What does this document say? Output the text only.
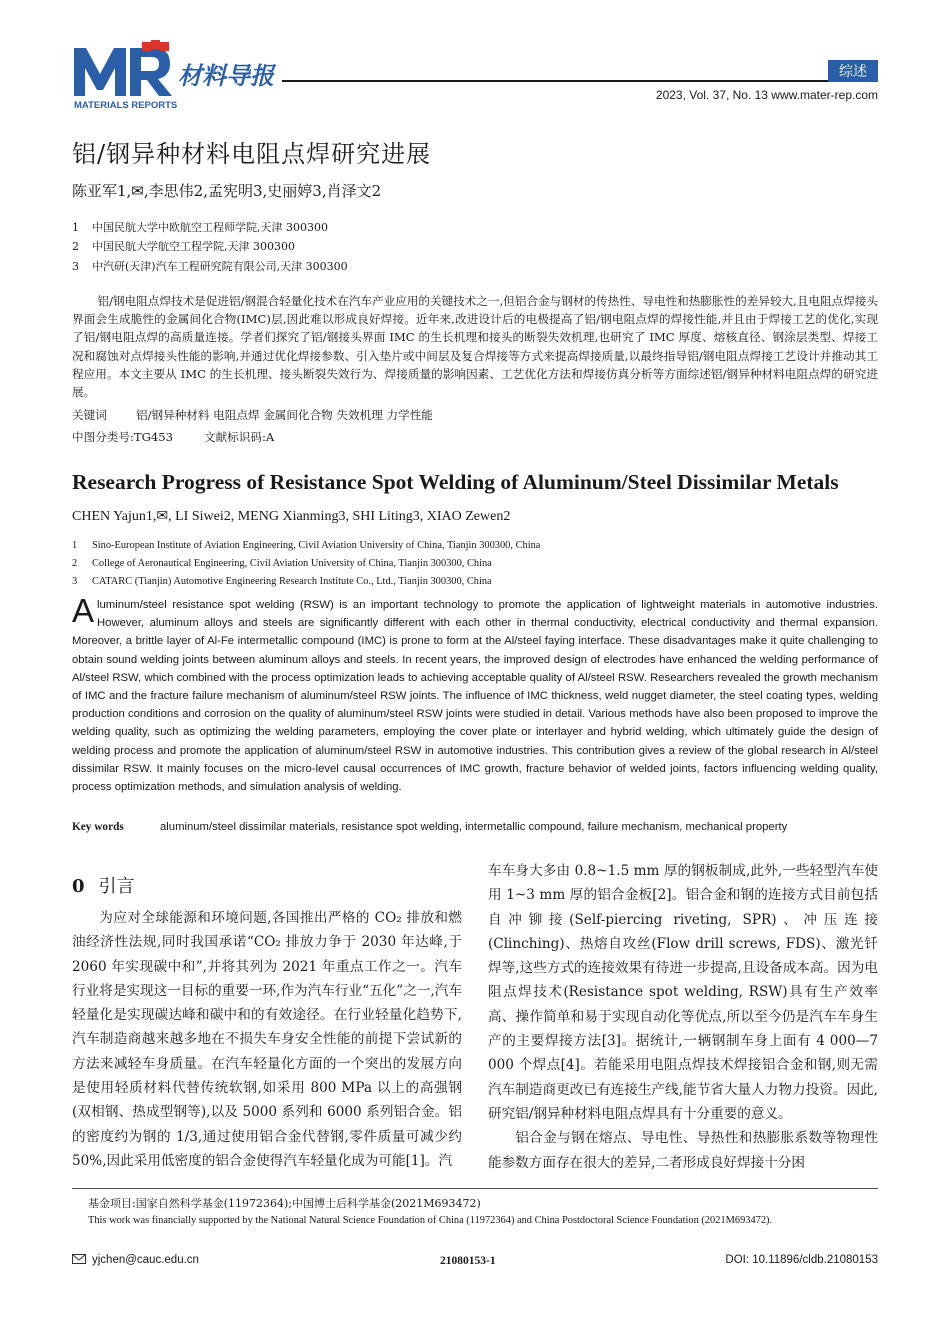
材料导报
MATERIALS REPORTS
综述
2023, Vol. 37, No. 13 www.mater-rep.com
铝/钢异种材料电阻点焊研究进展
陈亚军1,✉,李思伟2,孟宪明3,史丽婷3,肖泽文2
1 中国民航大学中欧航空工程师学院,天津 300300
2 中国民航大学航空工程学院,天津 300300
3 中汽研(天津)汽车工程研究院有限公司,天津 300300
铝/钢电阻点焊技术是促进铝/钢混合轻量化技术在汽车产业应用的关键技术之一,但铝合金与钢材的传热性、导电性和热膨胀性的差异较大,且电阻点焊接头界面会生成脆性的金属间化合物(IMC)层,因此难以形成良好焊接。近年来,改进设计后的电极提高了铝/钢电阻点焊的焊接性能,并且由于焊接工艺的优化,实现了铝/钢电阻点焊的高质量连接。学者们探究了铝/钢接头界面 IMC 的生长机理和接头的断裂失效机理,也研究了 IMC 厚度、熔核直径、钢涂层类型、焊接工况和腐蚀对点焊接头性能的影响,并通过优化焊接参数、引入垫片或中间层及复合焊接等方式来提高焊接质量,以最终指导铝/钢电阻点焊接工艺设计并推动其工程应用。本文主要从 IMC 的生长机理、接头断裂失效行为、焊接质量的影响因素、工艺优化方法和焊接仿真分析等方面综述铝/钢异种材料电阻点焊的研究进展。
关键词	铝/钢异种材料 电阻点焊 金属间化合物 失效机理 力学性能
中图分类号:TG453	文献标识码:A
Research Progress of Resistance Spot Welding of Aluminum/Steel Dissimilar Metals
CHEN Yajun1,✉, LI Siwei2, MENG Xianming3, SHI Liting3, XIAO Zewen2
1 Sino-European Institute of Aviation Engineering, Civil Aviation University of China, Tianjin 300300, China
2 College of Aeronautical Engineering, Civil Aviation University of China, Tianjin 300300, China
3 CATARC (Tianjin) Automotive Engineering Research Institute Co., Ltd., Tianjin 300300, China
Aluminum/steel resistance spot welding (RSW) is an important technology to promote the application of lightweight materials in automotive industries. However, aluminum alloys and steels are significantly different with each other in thermal conductivity, electrical conductivity and thermal expansion. Moreover, a brittle layer of Al-Fe intermetallic compound (IMC) is prone to form at the Al/steel faying interface. These disadvantages make it quite challenging to obtain sound welding joints between aluminum alloys and steels. In recent years, the improved design of electrodes have enhanced the welding performance of Al/steel RSW, which combined with the process optimization leads to achieving acceptable quality of Al/steel RSW. Researchers revealed the growth mechanism of IMC and the fracture failure mechanism of aluminum/steel RSW joints. The influence of IMC thickness, weld nugget diameter, the steel coating types, welding production conditions and corrosion on the quality of aluminum/steel RSW joints were studied in detail. Various methods have also been proposed to improve the welding quality, such as optimizing the welding parameters, employing the cover plate or interlayer and hybrid welding, which ultimately guide the design of welding process and promote the application of aluminum/steel RSW in automotive industries. This contribution gives a review of the global research in Al/steel dissimilar RSW. It mainly focuses on the micro-level causal occurrences of IMC growth, fracture behavior of welded joints, factors influencing welding quality, process optimization methods, and simulation analysis of welding.
Key words	aluminum/steel dissimilar materials, resistance spot welding, intermetallic compound, failure mechanism, mechanical property
0 引言
为应对全球能源和环境问题,各国推出严格的 CO₂ 排放和燃油经济性法规,同时我国承诺“CO₂ 排放力争于 2030 年达峰,于 2060 年实现碳中和”,并将其列为 2021 年重点工作之一。汽车行业将是实现这一目标的重要一环,作为汽车行业“五化”之一,汽车轻量化是实现碳达峰和碳中和的有效途径。在行业轻量化趋势下,汽车制造商越来越多地在不损失车身安全性能的前提下尝试新的方法来减轻车身质量。在汽车轻量化方面的一个突出的发展方向是使用轻质材料代替传统软钢,如采用 800 MPa 以上的高强钢(双相钢、热成型钢等),以及 5000 系列和 6000 系列铝合金。铝的密度约为钢的 1/3,通过使用铝合金代替钢,零件质量可减少约 50%,因此采用低密度的铝合金使得汽车轻量化成为可能[1]。汽

车车身大多由 0.8~1.5 mm 厚的钢板制成,此外,一些轻型汽车使用 1~3 mm 厚的铝合金板[2]。铝合金和钢的连接方式目前包括自冲铆接(Self-piercing riveting, SPR)、冲压连接(Clinching)、热熔自攻丝(Flow drill screws, FDS)、激光钎焊等,这些方式的连接效果有待进一步提高,且设备成本高。因为电阻点焊技术(Resistance spot welding, RSW)具有生产效率高、操作简单和易于实现自动化等优点,所以至今仍是汽车车身生产的主要焊接方法[3]。据统计,一辆钢制车身上面有 4 000—7 000 个焊点[4]。若能采用电阻点焊技术焊接铝合金和钢,则无需汽车制造商更改已有连接生产线,能节省大量人力物力投资。因此,研究铝/钢异种材料电阻点焊具有十分重要的意义。

铝合金与钢在熔点、导电性、导热性和热膨胀系数等物理性能参数方面存在很大的差异,二者形成良好焊接十分困

基金项目:国家自然科学基金(11972364);中国博士后科学基金(2021M693472)
This work was financially supported by the National Natural Science Foundation of China (11972364) and China Postdoctoral Science Foundation (2021M693472).
yjchen@cauc.edu.cn	21080153-1	DOI: 10.11896/cldb.21080153
